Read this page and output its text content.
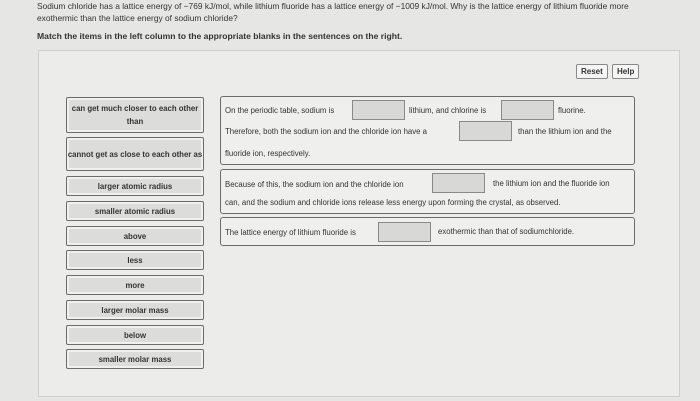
Sodium chloride has a lattice energy of −769 kJ/mol, while lithium fluoride has a lattice energy of −1009 kJ/mol. Why is the lattice energy of lithium fluoride more
exothermic than the lattice energy of sodium chloride?
Match the items in the left column to the appropriate blanks in the sentences on the right.
Reset	Help
can get much closer to each other than
cannot get as close to each other as
larger atomic radius
smaller atomic radius
above
less
more
larger molar mass
below
smaller molar mass
On the periodic table, sodium is	lithium, and chlorine is	fluorine.
Therefore, both the sodium ion and the chloride ion have a	than the lithium ion and the
fluoride ion, respectively.
Because of this, the sodium ion and the chloride ion	the lithium ion and the fluoride ion
can, and the sodium and chloride ions release less energy upon forming the crystal, as observed.
The lattice energy of lithium fluoride is	exothermic than that of sodiumchloride.
